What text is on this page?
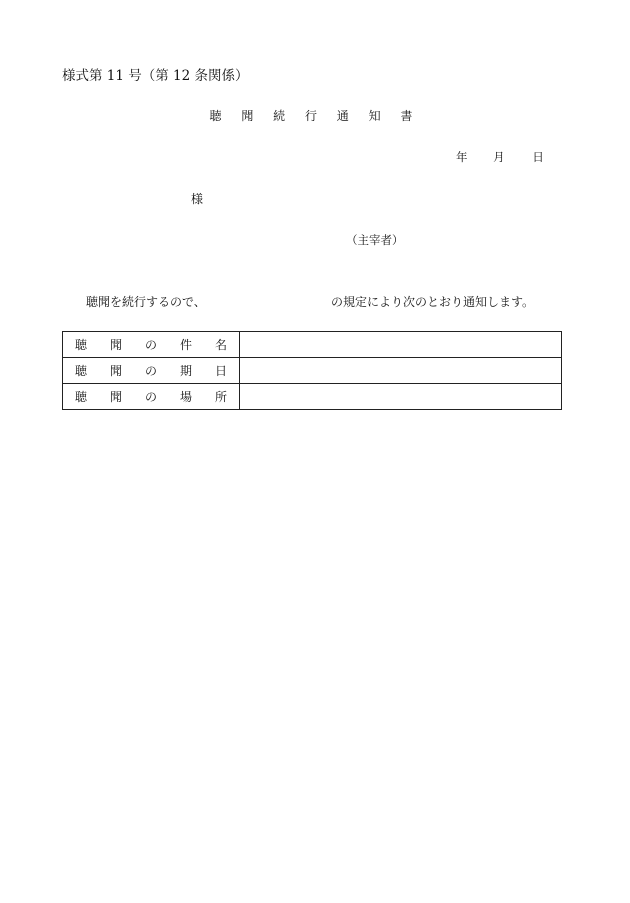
様式第 11 号（第 12 条関係）
聴 聞 続 行 通 知 書
年 月 日
様
（主宰者）
聴聞を続行するので、	の規定により次のとおり通知します。
聴 聞 の 件 名	

聴 聞 の 期 日	

聴 聞 の 場 所	
